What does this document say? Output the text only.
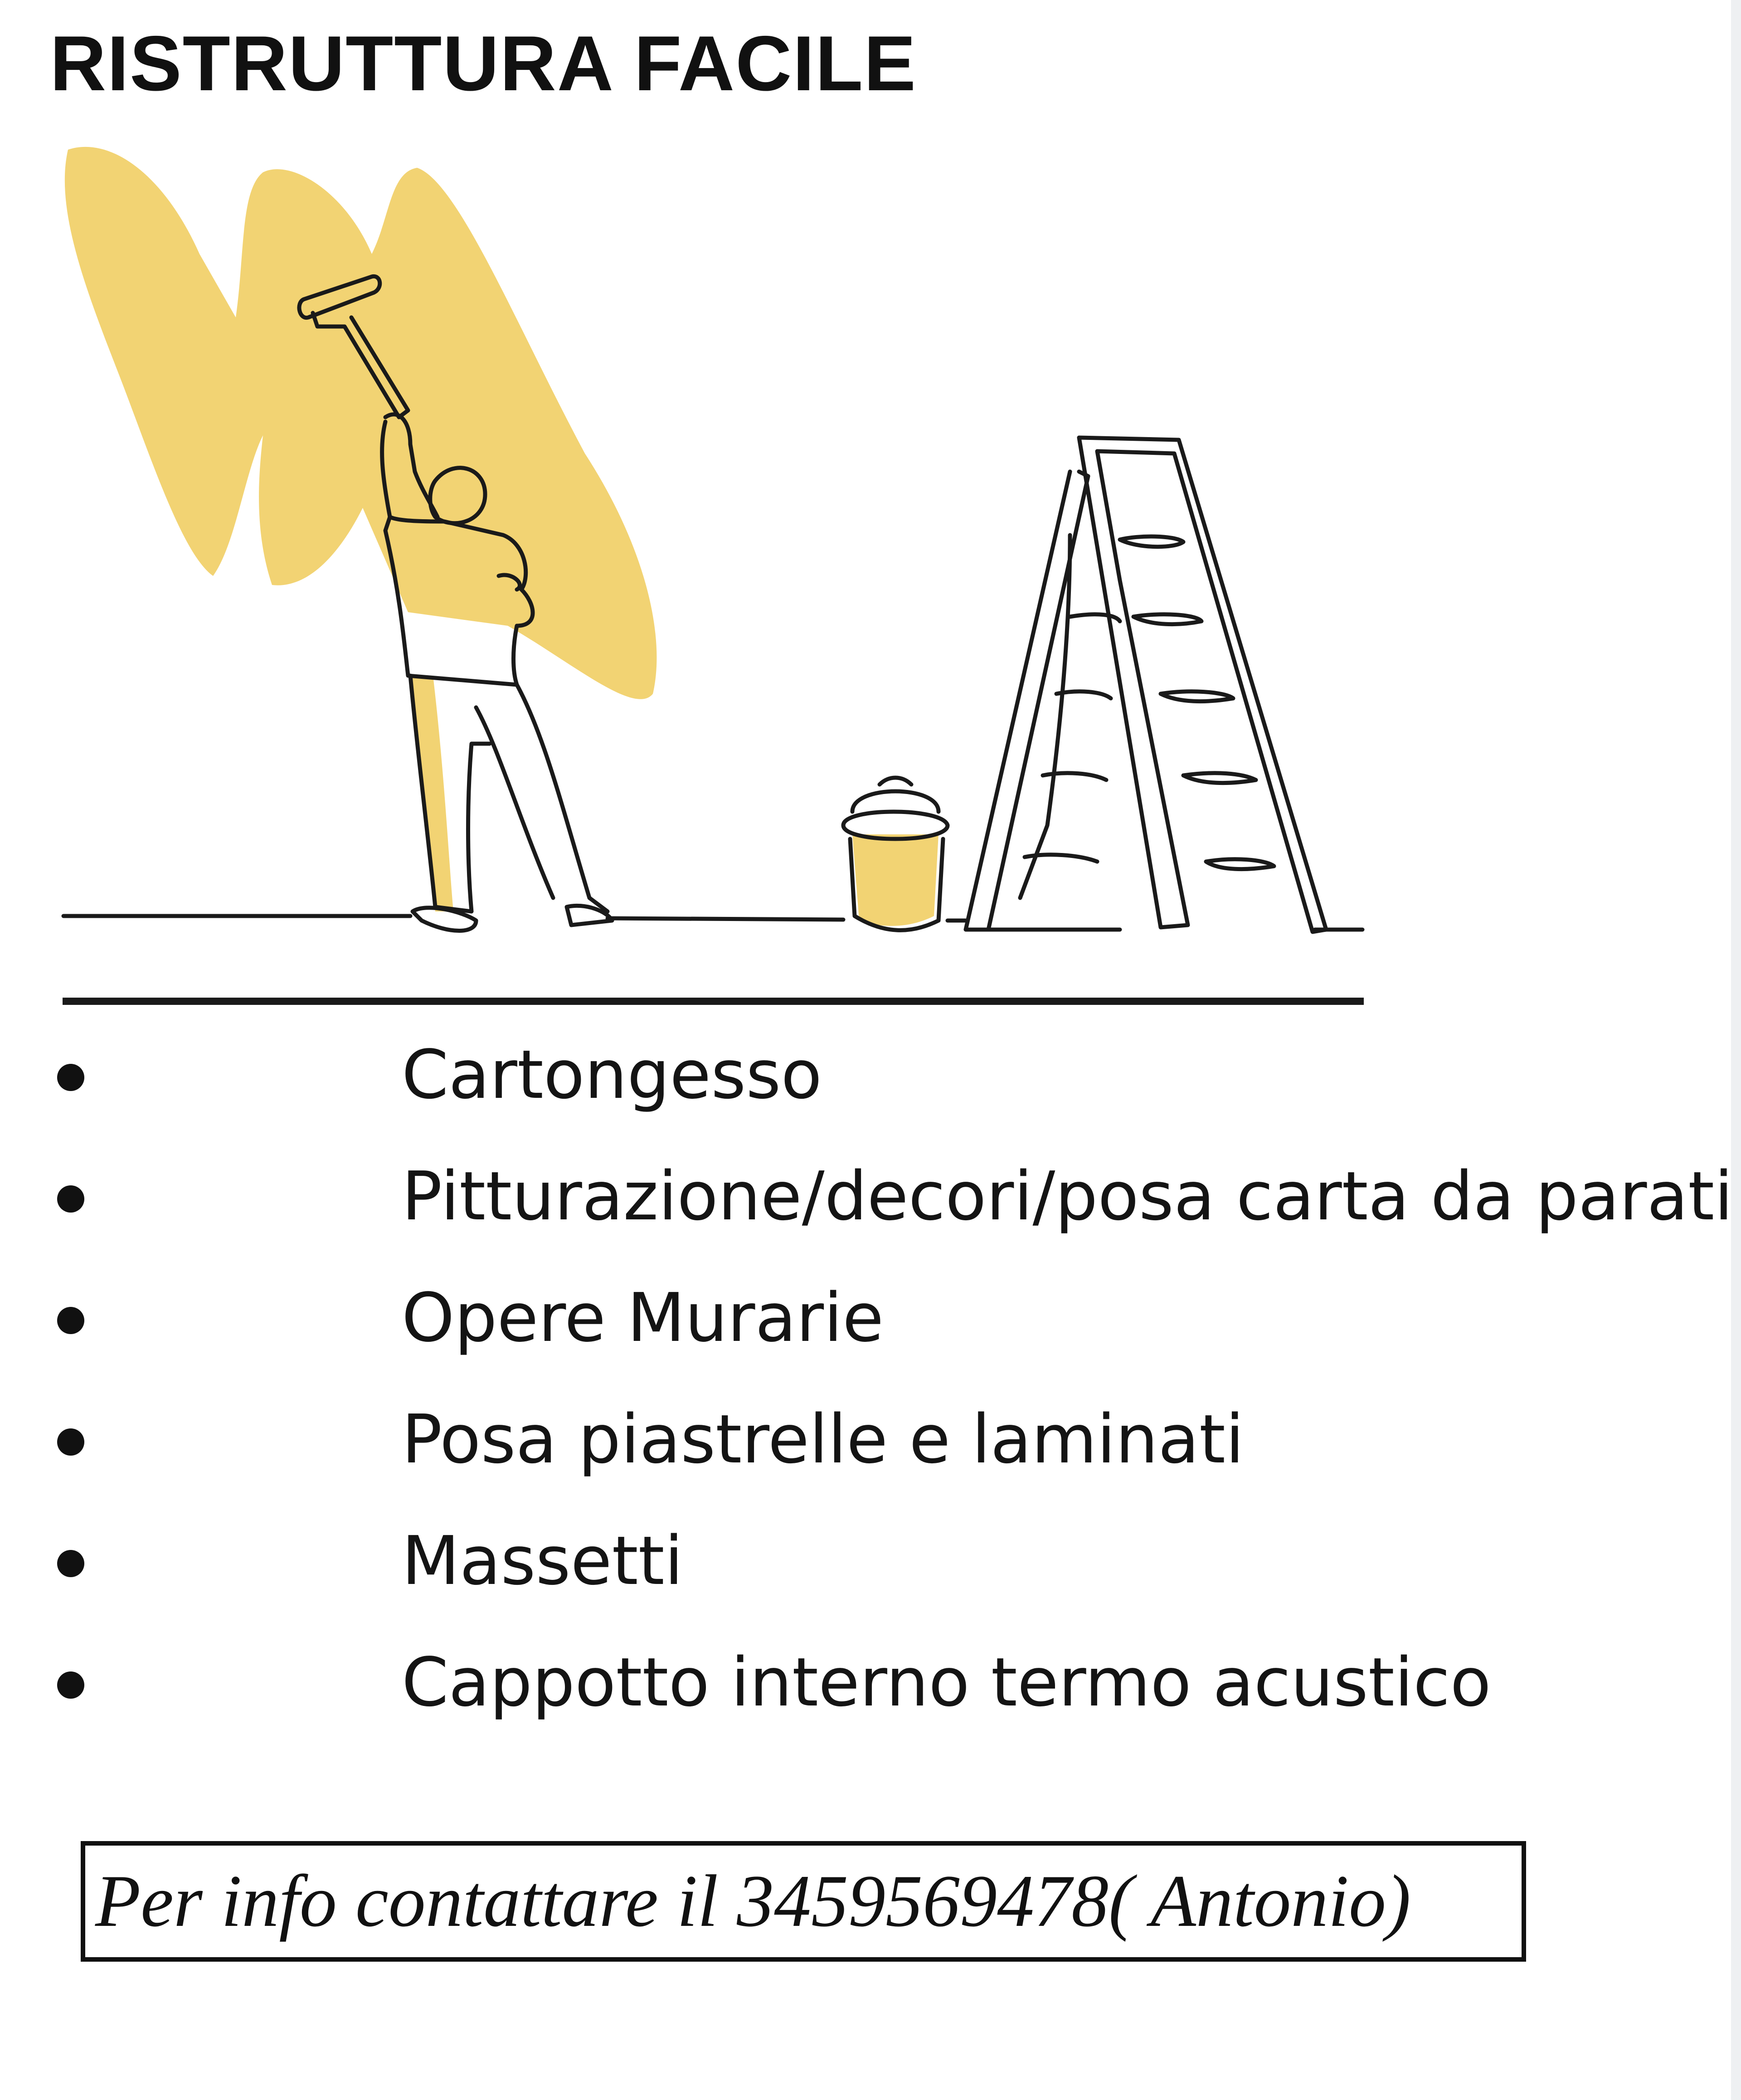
RISTRUTTURA FACILE
Cartongesso
Pitturazione/decori/posa carta da parati
Opere Murarie
Posa piastrelle e laminati
Massetti
Cappotto interno termo acustico
Per info contattare il 3459569478( Antonio)
